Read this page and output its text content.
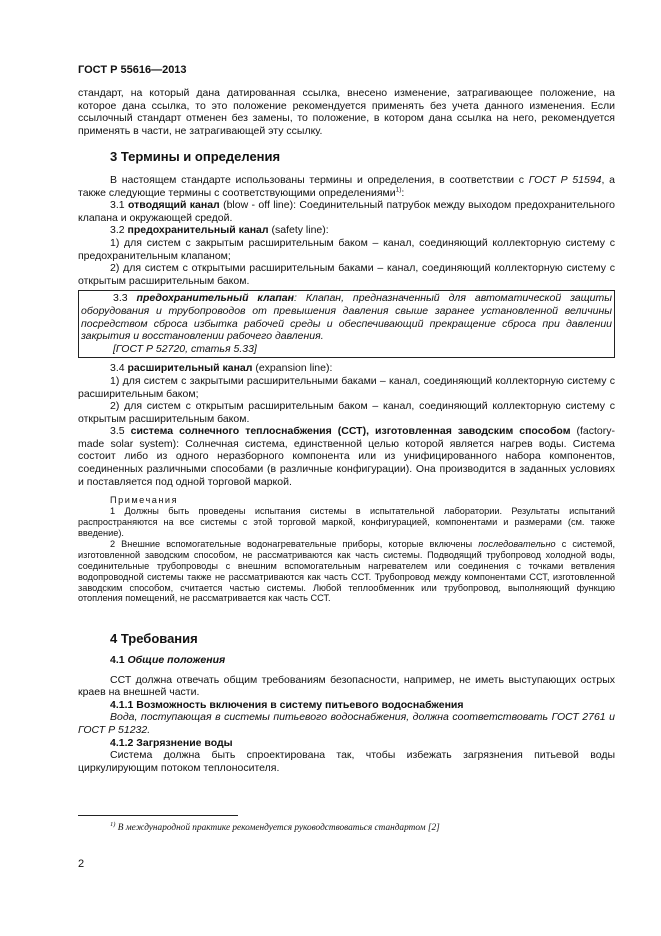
ГОСТ Р 55616—2013

стандарт, на который дана датированная ссылка, внесено изменение, затрагивающее положение, на которое дана ссылка, то это положение рекомендуется применять без учета данного изменения. Если ссылочный стандарт отменен без замены, то положение, в котором дана ссылка на него, рекомендуется применять в части, не затрагивающей эту ссылку.

3 Термины и определения

В настоящем стандарте использованы термины и определения, в соответствии с ГОСТ Р 51594, а также следующие термины с соответствующими определениями$^{1)}$:

3.1 отводящий канал (blow - off line): Соединительный патрубок между выходом предохранительного клапана и окружающей средой.

3.2 предохранительный канал (safety line):

1) для систем с закрытым расширительным баком – канал, соединяющий коллекторную систему с предохранительным клапаном;

2) для систем с открытыми расширительным баками – канал, соединяющий коллекторную систему с открытым расширительным баком.

3.3 предохранительный клапан: Клапан, предназначенный для автоматической защиты оборудования и трубопроводов от превышения давления свыше заранее установленной величины посредством сброса избытка рабочей среды и обеспечивающий прекращение сброса при давлении закрытия и восстановлении рабочего давления.

[ГОСТ Р 52720, статья 5.33]

3.4 расширительный канал (expansion line):

1) для систем с закрытыми расширительными баками – канал, соединяющий коллекторную систему с расширительным баком;

2) для систем с открытым расширительным баком – канал, соединяющий коллекторную систему с открытым расширительным баком.

3.5 система солнечного теплоснабжения (ССТ), изготовленная заводским способом (factory-made solar system): Солнечная система, единственной целью которой является нагрев воды. Система состоит либо из одного неразборного компонента или из унифицированного набора компонентов, соединенных различными способами (в различные конфигурации). Она производится в заданных условиях и поставляется под одной торговой маркой.

Примечания

1 Должны быть проведены испытания системы в испытательной лаборатории. Результаты испытаний распространяются на все системы с этой торговой маркой, конфигурацией, компонентами и размерами (см. также введение).

2 Внешние вспомогательные водонагревательные приборы, которые включены последовательно с системой, изготовленной заводским способом, не рассматриваются как часть системы. Подводящий трубопровод холодной воды, соединительные трубопроводы с внешним вспомогательным нагревателем или соединения с точками ветвления водопроводной системы также не рассматриваются как часть ССТ. Трубопровод между компонентами ССТ, изготовленной заводским способом, считается частью системы. Любой теплообменник или трубопровод, выполняющий функцию отопления помещений, не рассматривается как часть ССТ.

4 Требования
4.1 Общие положения

ССТ должна отвечать общим требованиям безопасности, например, не иметь выступающих острых краев на внешней части.

4.1.1 Возможность включения в систему питьевого водоснабжения

Вода, поступающая в системы питьевого водоснабжения, должна соответствовать ГОСТ 2761 и ГОСТ Р 51232.

4.1.2 Загрязнение воды

Система должна быть спроектирована так, чтобы избежать загрязнения питьевой воды циркулирующим потоком теплоносителя.

$^{1)}$ В международной практике рекомендуется руководствоваться стандартом [2]
2
